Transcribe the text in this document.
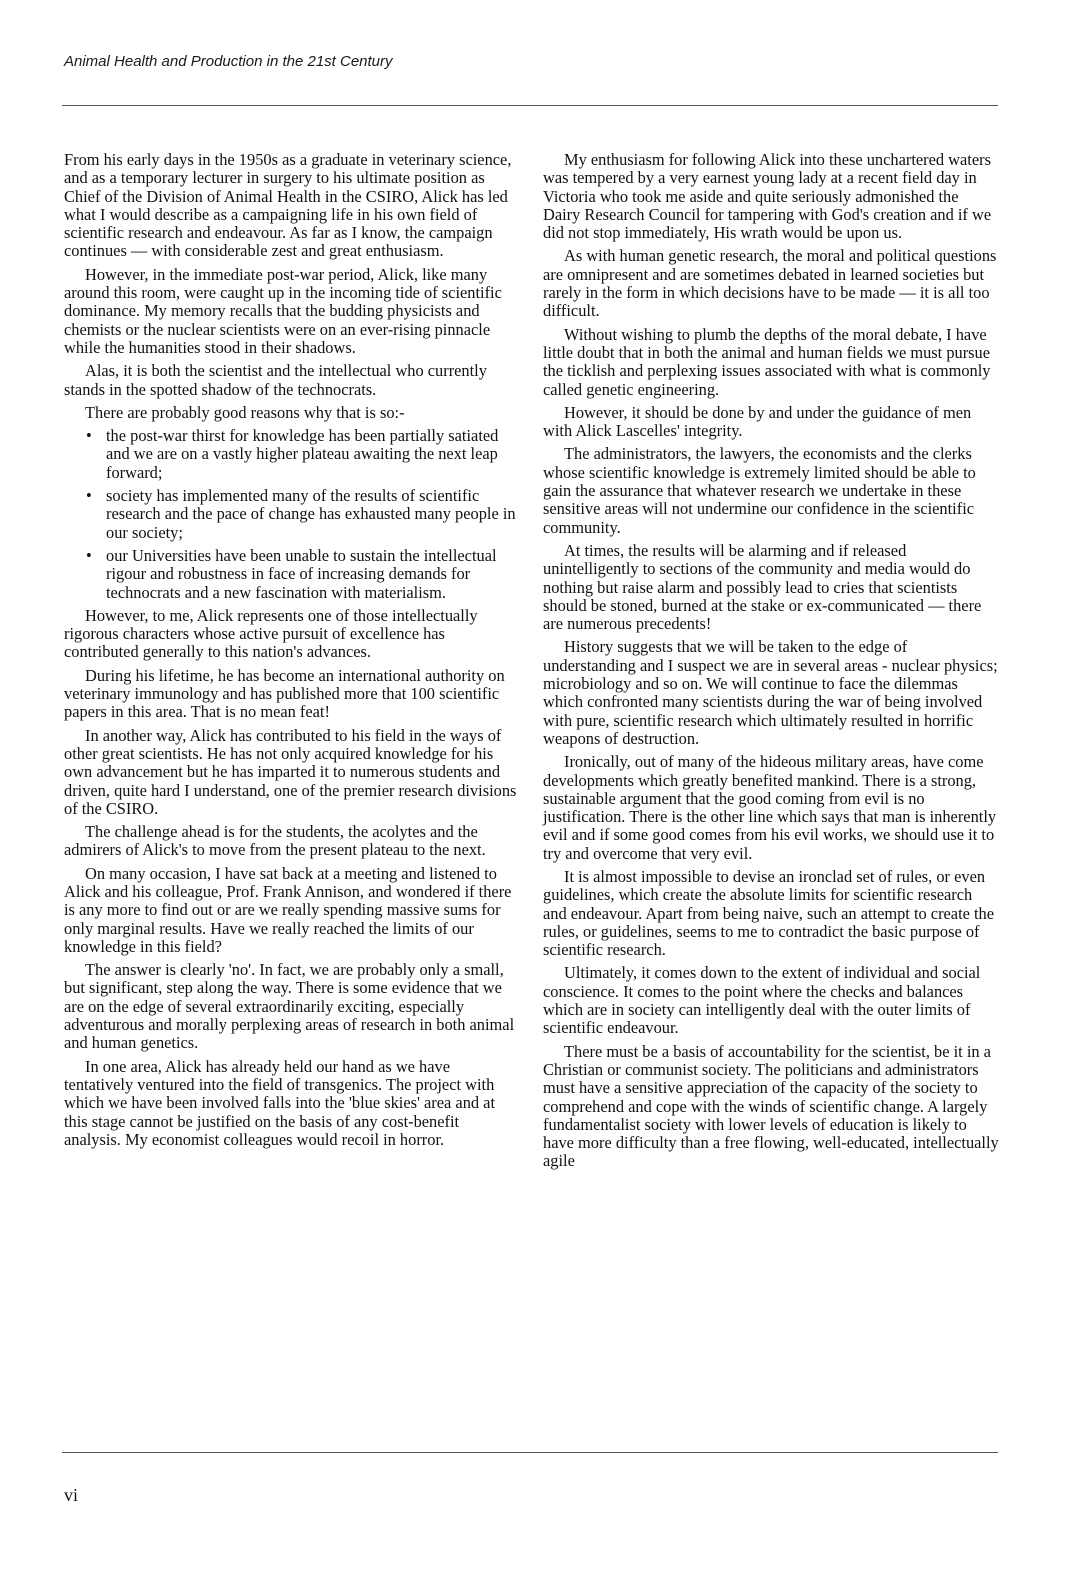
Animal Health and Production in the 21st Century

From his early days in the 1950s as a graduate in veterinary science, and as a temporary lecturer in surgery to his ultimate position as Chief of the Division of Animal Health in the CSIRO, Alick has led what I would describe as a campaigning life in his own field of scientific research and endeavour. As far as I know, the campaign continues — with considerable zest and great enthusiasm.

However, in the immediate post-war period, Alick, like many around this room, were caught up in the incoming tide of scientific dominance. My memory recalls that the budding physicists and chemists or the nuclear scientists were on an ever-rising pinnacle while the humanities stood in their shadows.

Alas, it is both the scientist and the intellectual who currently stands in the spotted shadow of the technocrats.

There are probably good reasons why that is so:-

• the post-war thirst for knowledge has been partially satiated and we are on a vastly higher plateau awaiting the next leap forward;
• society has implemented many of the results of scientific research and the pace of change has exhausted many people in our society;
• our Universities have been unable to sustain the intellectual rigour and robustness in face of increasing demands for technocrats and a new fascination with materialism.

However, to me, Alick represents one of those intellectually rigorous characters whose active pursuit of excellence has contributed generally to this nation's advances.

During his lifetime, he has become an international authority on veterinary immunology and has published more that 100 scientific papers in this area. That is no mean feat!

In another way, Alick has contributed to his field in the ways of other great scientists. He has not only acquired knowledge for his own advancement but he has imparted it to numerous students and driven, quite hard I understand, one of the premier research divisions of the CSIRO.

The challenge ahead is for the students, the acolytes and the admirers of Alick's to move from the present plateau to the next.

On many occasion, I have sat back at a meeting and listened to Alick and his colleague, Prof. Frank Annison, and wondered if there is any more to find out or are we really spending massive sums for only marginal results. Have we really reached the limits of our knowledge in this field?

The answer is clearly 'no'. In fact, we are probably only a small, but significant, step along the way. There is some evidence that we are on the edge of several extraordinarily exciting, especially adventurous and morally perplexing areas of research in both animal and human genetics.

In one area, Alick has already held our hand as we have tentatively ventured into the field of transgenics. The project with which we have been involved falls into the 'blue skies' area and at this stage cannot be justified on the basis of any cost-benefit analysis. My economist colleagues would recoil in horror.

My enthusiasm for following Alick into these unchartered waters was tempered by a very earnest young lady at a recent field day in Victoria who took me aside and quite seriously admonished the Dairy Research Council for tampering with God's creation and if we did not stop immediately, His wrath would be upon us.

As with human genetic research, the moral and political questions are omnipresent and are sometimes debated in learned societies but rarely in the form in which decisions have to be made — it is all too difficult.

Without wishing to plumb the depths of the moral debate, I have little doubt that in both the animal and human fields we must pursue the ticklish and perplexing issues associated with what is commonly called genetic engineering.

However, it should be done by and under the guidance of men with Alick Lascelles' integrity.

The administrators, the lawyers, the economists and the clerks whose scientific knowledge is extremely limited should be able to gain the assurance that whatever research we undertake in these sensitive areas will not undermine our confidence in the scientific community.

At times, the results will be alarming and if released unintelligently to sections of the community and media would do nothing but raise alarm and possibly lead to cries that scientists should be stoned, burned at the stake or ex-communicated — there are numerous precedents!

History suggests that we will be taken to the edge of understanding and I suspect we are in several areas - nuclear physics; microbiology and so on. We will continue to face the dilemmas which confronted many scientists during the war of being involved with pure, scientific research which ultimately resulted in horrific weapons of destruction.

Ironically, out of many of the hideous military areas, have come developments which greatly benefited mankind. There is a strong, sustainable argument that the good coming from evil is no justification. There is the other line which says that man is inherently evil and if some good comes from his evil works, we should use it to try and overcome that very evil.

It is almost impossible to devise an ironclad set of rules, or even guidelines, which create the absolute limits for scientific research and endeavour. Apart from being naive, such an attempt to create the rules, or guidelines, seems to me to contradict the basic purpose of scientific research.

Ultimately, it comes down to the extent of individual and social conscience. It comes to the point where the checks and balances which are in society can intelligently deal with the outer limits of scientific endeavour.

There must be a basis of accountability for the scientist, be it in a Christian or communist society. The politicians and administrators must have a sensitive appreciation of the capacity of the society to comprehend and cope with the winds of scientific change. A largely fundamentalist society with lower levels of education is likely to have more difficulty than a free flowing, well-educated, intellectually agile

vi
